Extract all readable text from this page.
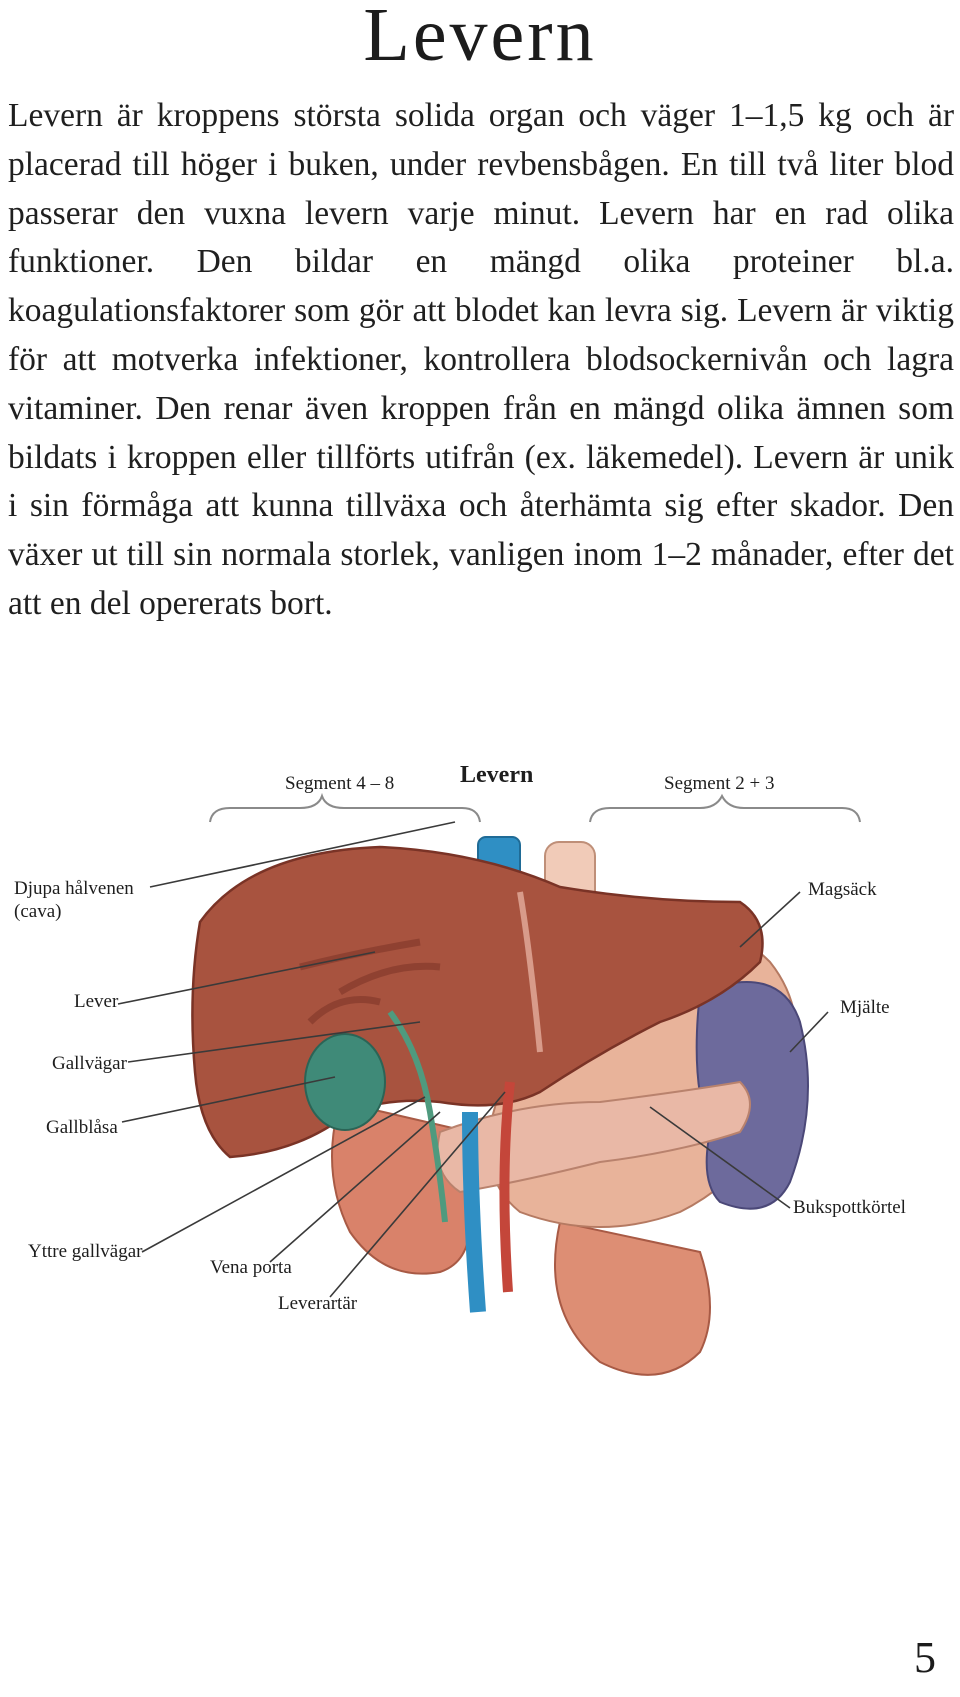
Levern

Levern är kroppens största solida organ och väger 1–1,5 kg och är placerad till höger i buken, under revbensbågen. En till två liter blod passerar den vuxna levern varje minut. Levern har en rad olika funktioner. Den bildar en mängd olika proteiner bl.a. koagulationsfaktorer som gör att blodet kan levra sig. Levern är viktig för att motverka infektioner, kontrollera blodsockernivån och lagra vitaminer. Den renar även kroppen från en mängd olika ämnen som bildats i kroppen eller tillförts utifrån (ex. läkemedel). Levern är unik i sin förmåga att kunna tillväxa och återhämta sig efter skador. Den växer ut till sin normala storlek, vanligen inom 1–2 månader, efter det att en del opererats bort.

Levern
Segment 4 – 8	Segment 2 + 3
Djupa hålvenen
(cava)
Lever
Gallvägar
Gallblåsa
Yttre gallvägar
Vena porta
Leverartär
Magsäck
Mjälte
Bukspottkörtel
5
